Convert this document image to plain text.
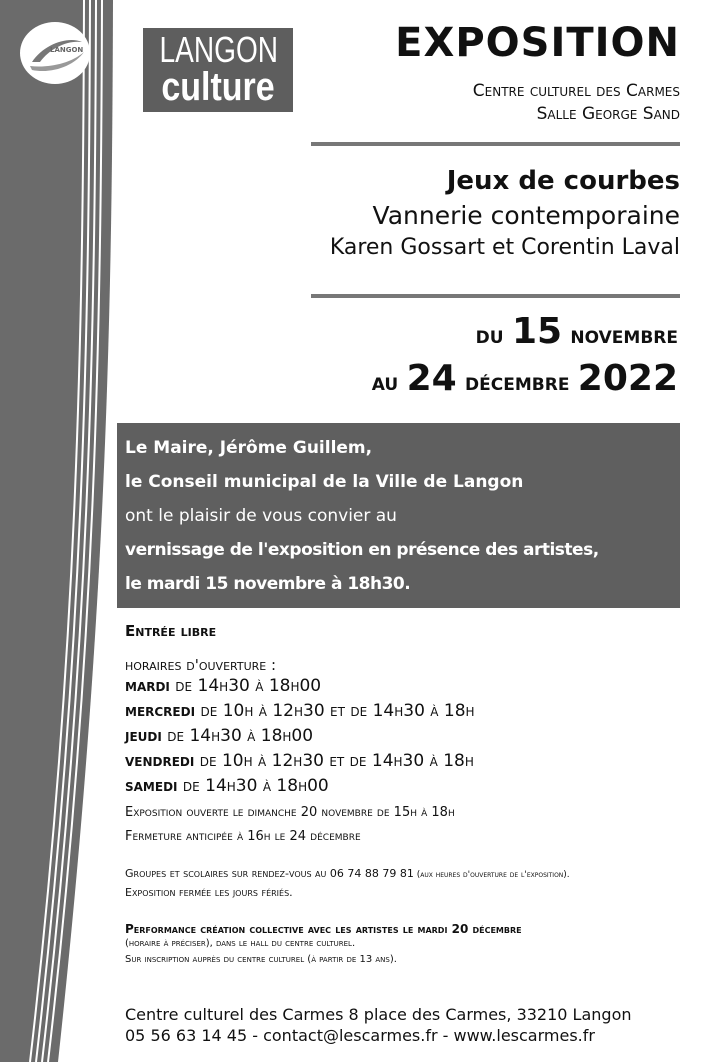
LANGON LANGON
culture
EXPOSITION
Centre culturel des Carmes
Salle George Sand
Jeux de courbes
Vannerie contemporaine
Karen Gossart et Corentin Laval
du 15 novembre
au 24 décembre 2022
Le Maire, Jérôme Guillem,
le Conseil municipal de la Ville de Langon
ont le plaisir de vous convier au
vernissage de l'exposition en présence des artistes,
le mardi 15 novembre à 18h30.
Entrée libre
horaires d'ouverture :
mardi de 14h30 à 18h00
mercredi de 10h à 12h30 et de 14h30 à 18h
jeudi de 14h30 à 18h00
vendredi de 10h à 12h30 et de 14h30 à 18h
samedi de 14h30 à 18h00
Exposition ouverte le dimanche 20 novembre de 15h à 18h
Fermeture anticipée à 16h le 24 décembre
Groupes et scolaires sur rendez-vous au 06 74 88 79 81 (aux heures d'ouverture de l'exposition).
Exposition fermée les jours fériés.
Performance création collective avec les artistes le mardi 20 décembre
(horaire à préciser), dans le hall du centre culturel.
Sur inscription auprès du centre culturel (à partir de 13 ans).
Centre culturel des Carmes 8 place des Carmes, 33210 Langon
05 56 63 14 45 - contact@lescarmes.fr - www.lescarmes.fr
